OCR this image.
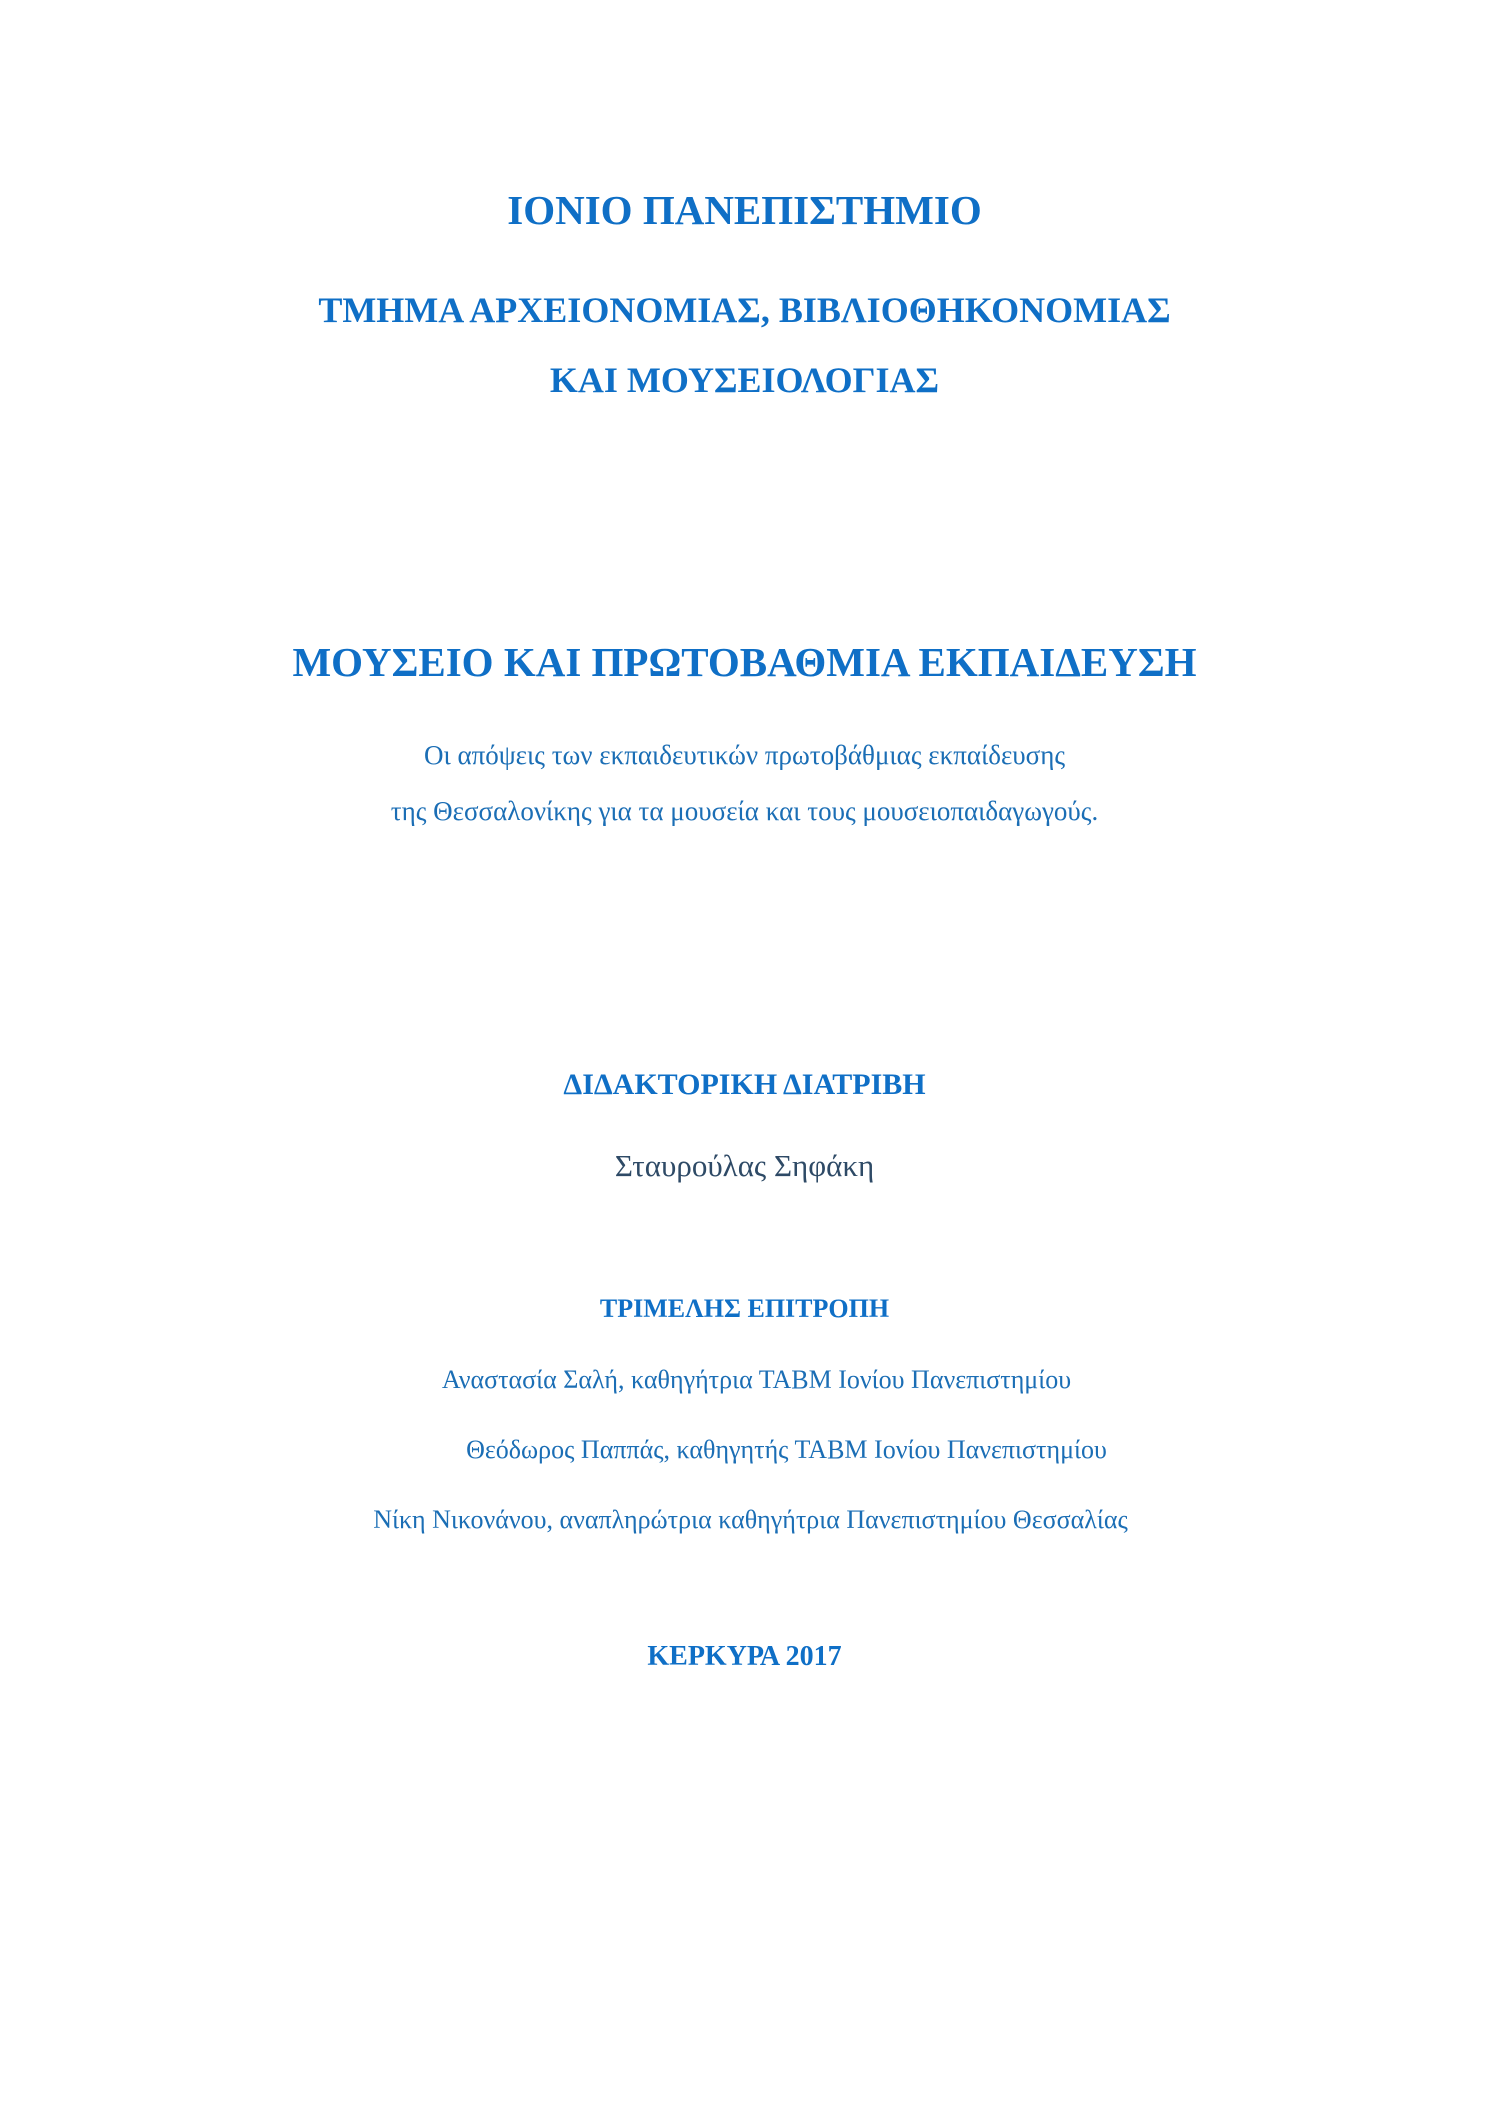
ΙΟΝΙΟ ΠΑΝΕΠΙΣΤΗΜΙΟ
ΤΜΗΜΑ ΑΡΧΕΙΟΝΟΜΙΑΣ, ΒΙΒΛΙΟΘΗΚΟΝΟΜΙΑΣ
ΚΑΙ ΜΟΥΣΕΙΟΛΟΓΙΑΣ
ΜΟΥΣΕΙΟ ΚΑΙ ΠΡΩΤΟΒΑΘΜΙΑ ΕΚΠΑΙΔΕΥΣΗ
Οι απόψεις των εκπαιδευτικών πρωτοβάθμιας εκπαίδευσης
της Θεσσαλονίκης για τα μουσεία και τους μουσειοπαιδαγωγούς.
ΔΙΔΑΚΤΟΡΙΚΗ ΔΙΑΤΡΙΒΗ
Σταυρούλας Σηφάκη
ΤΡΙΜΕΛΗΣ ΕΠΙΤΡΟΠΗ
Αναστασία Σαλή, καθηγήτρια ΤΑΒΜ Ιονίου Πανεπιστημίου
Θεόδωρος Παππάς, καθηγητής ΤΑΒΜ Ιονίου Πανεπιστημίου
Νίκη Νικονάνου, αναπληρώτρια καθηγήτρια Πανεπιστημίου Θεσσαλίας
ΚΕΡΚΥΡΑ 2017
